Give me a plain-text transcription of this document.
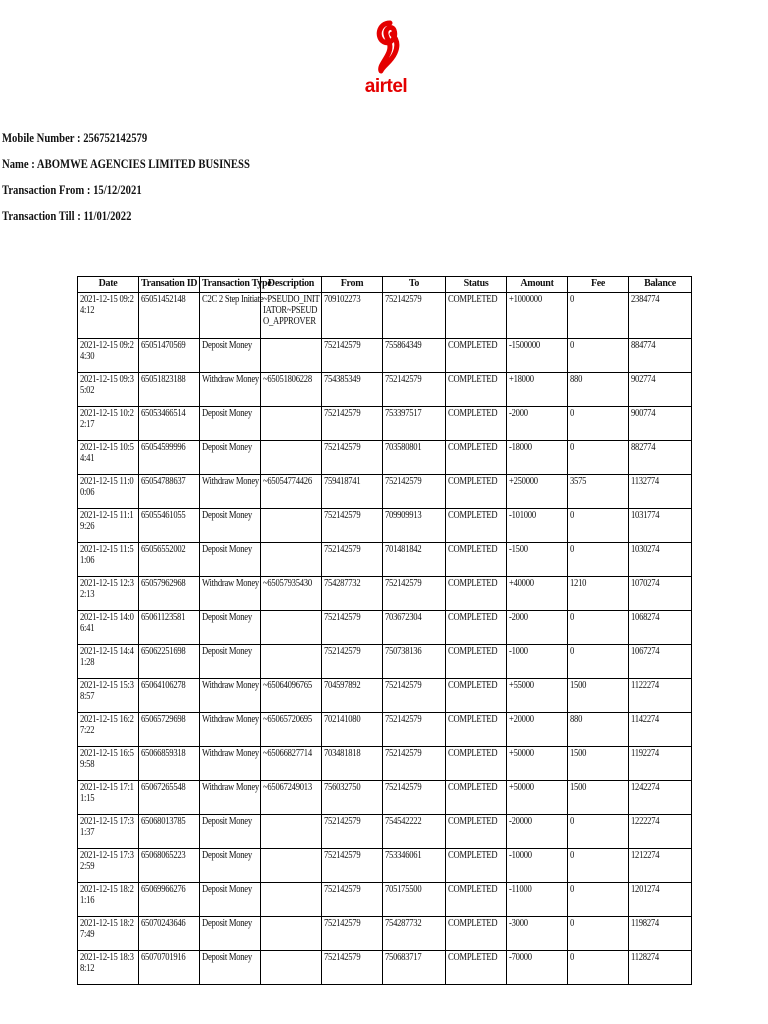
airtel
Mobile Number : 256752142579
Name : ABOMWE AGENCIES LIMITED BUSINESS
Transaction From : 15/12/2021
Transaction Till : 11/01/2022
Date	Transation ID	Transaction Type	Description	From	To	Status	Amount	Fee	Balance
2021-12-15 09:24:12	65051452148	C2C 2 Step Initiate	~PSEUDO_INITIATOR~PSEUDO_APPROVER	709102273	752142579	COMPLETED	+1000000	0	2384774
2021-12-15 09:24:30	65051470569	Deposit Money		752142579	755864349	COMPLETED	-1500000	0	884774
2021-12-15 09:35:02	65051823188	Withdraw Money	~65051806228	754385349	752142579	COMPLETED	+18000	880	902774
2021-12-15 10:22:17	65053466514	Deposit Money		752142579	753397517	COMPLETED	-2000	0	900774
2021-12-15 10:54:41	65054599996	Deposit Money		752142579	703580801	COMPLETED	-18000	0	882774
2021-12-15 11:00:06	65054788637	Withdraw Money	~65054774426	759418741	752142579	COMPLETED	+250000	3575	1132774
2021-12-15 11:19:26	65055461055	Deposit Money		752142579	709909913	COMPLETED	-101000	0	1031774
2021-12-15 11:51:06	65056552002	Deposit Money		752142579	701481842	COMPLETED	-1500	0	1030274
2021-12-15 12:32:13	65057962968	Withdraw Money	~65057935430	754287732	752142579	COMPLETED	+40000	1210	1070274
2021-12-15 14:06:41	65061123581	Deposit Money		752142579	703672304	COMPLETED	-2000	0	1068274
2021-12-15 14:41:28	65062251698	Deposit Money		752142579	750738136	COMPLETED	-1000	0	1067274
2021-12-15 15:38:57	65064106278	Withdraw Money	~65064096765	704597892	752142579	COMPLETED	+55000	1500	1122274
2021-12-15 16:27:22	65065729698	Withdraw Money	~65065720695	702141080	752142579	COMPLETED	+20000	880	1142274
2021-12-15 16:59:58	65066859318	Withdraw Money	~65066827714	703481818	752142579	COMPLETED	+50000	1500	1192274
2021-12-15 17:11:15	65067265548	Withdraw Money	~65067249013	756032750	752142579	COMPLETED	+50000	1500	1242274
2021-12-15 17:31:37	65068013785	Deposit Money		752142579	754542222	COMPLETED	-20000	0	1222274
2021-12-15 17:32:59	65068065223	Deposit Money		752142579	753346061	COMPLETED	-10000	0	1212274
2021-12-15 18:21:16	65069966276	Deposit Money		752142579	705175500	COMPLETED	-11000	0	1201274
2021-12-15 18:27:49	65070243646	Deposit Money		752142579	754287732	COMPLETED	-3000	0	1198274
2021-12-15 18:38:12	65070701916	Deposit Money		752142579	750683717	COMPLETED	-70000	0	1128274
